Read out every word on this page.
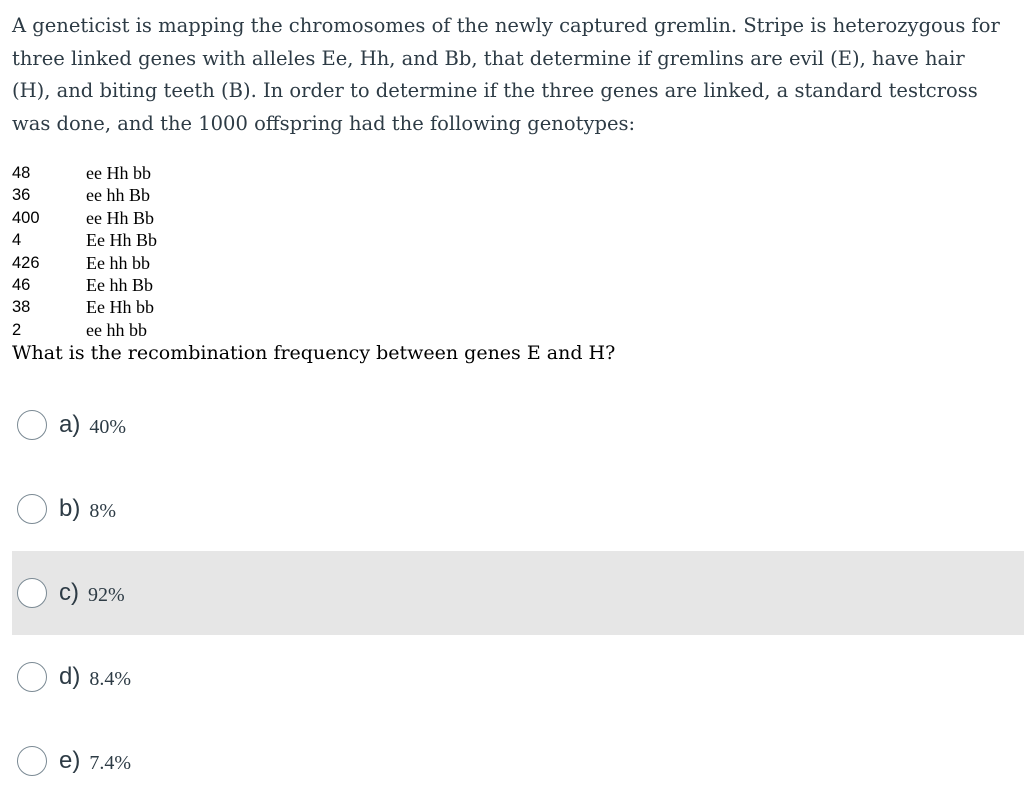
A geneticist is mapping the chromosomes of the newly captured gremlin. Stripe is heterozygous for three linked genes with alleles Ee, Hh, and Bb, that determine if gremlins are evil (E), have hair (H), and biting teeth (B). In order to determine if the three genes are linked, a standard testcross was done, and the 1000 offspring had the following genotypes:

48	ee Hh bb
36	ee hh Bb
400	ee Hh Bb
4	Ee Hh Bb
426	Ee hh bb
46	Ee hh Bb
38	Ee Hh bb
2	ee hh bb

What is the recombination frequency between genes E and H?

a) 40%
b) 8%
c) 92%
d) 8.4%
e) 7.4%
